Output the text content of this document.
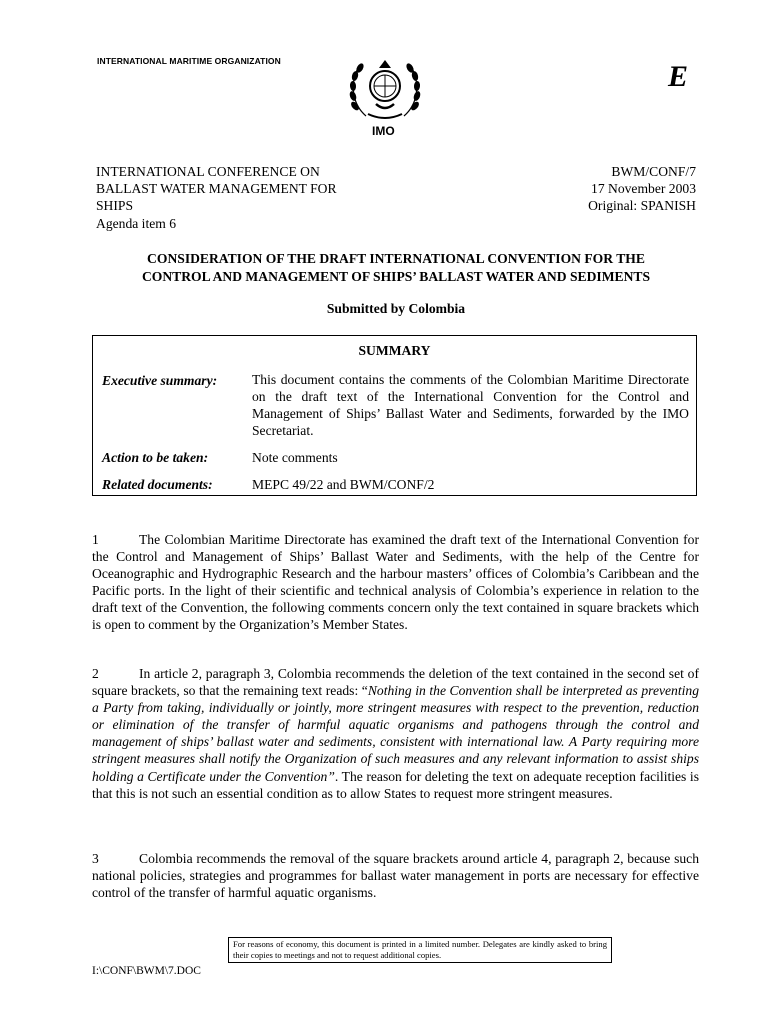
INTERNATIONAL MARITIME ORGANIZATION
IMO
E
INTERNATIONAL CONFERENCE ON
BALLAST WATER MANAGEMENT FOR
SHIPS
Agenda item 6
BWM/CONF/7
17 November 2003
Original: SPANISH
CONSIDERATION OF THE DRAFT INTERNATIONAL CONVENTION FOR THE
CONTROL AND MANAGEMENT OF SHIPS’ BALLAST WATER AND SEDIMENTS
Submitted by Colombia
SUMMARY
Executive summary:	This document contains the comments of the Colombian Maritime Directorate on the draft text of the International Convention for the Control and Management of Ships’ Ballast Water and Sediments, forwarded by the IMO Secretariat.
Action to be taken:	Note comments
Related documents:	MEPC 49/22 and BWM/CONF/2
1	The Colombian Maritime Directorate has examined the draft text of the International Convention for the Control and Management of Ships’ Ballast Water and Sediments, with the help of the Centre for Oceanographic and Hydrographic Research and the harbour masters’ offices of Colombia’s Caribbean and the Pacific ports. In the light of their scientific and technical analysis of Colombia’s experience in relation to the draft text of the Convention, the following comments concern only the text contained in square brackets which is open to comment by the Organization’s Member States.
2	In article 2, paragraph 3, Colombia recommends the deletion of the text contained in the second set of square brackets, so that the remaining text reads: “Nothing in the Convention shall be interpreted as preventing a Party from taking, individually or jointly, more stringent measures with respect to the prevention, reduction or elimination of the transfer of harmful aquatic organisms and pathogens through the control and management of ships’ ballast water and sediments, consistent with international law. A Party requiring more stringent measures shall notify the Organization of such measures and any relevant information to assist ships holding a Certificate under the Convention”. The reason for deleting the text on adequate reception facilities is that this is not such an essential condition as to allow States to request more stringent measures.
3	Colombia recommends the removal of the square brackets around article 4, paragraph 2, because such national policies, strategies and programmes for ballast water management in ports are necessary for effective control of the transfer of harmful aquatic organisms.
For reasons of economy, this document is printed in a limited number. Delegates are kindly asked to bring their copies to meetings and not to request additional copies.
I:\CONF\BWM\7.DOC
